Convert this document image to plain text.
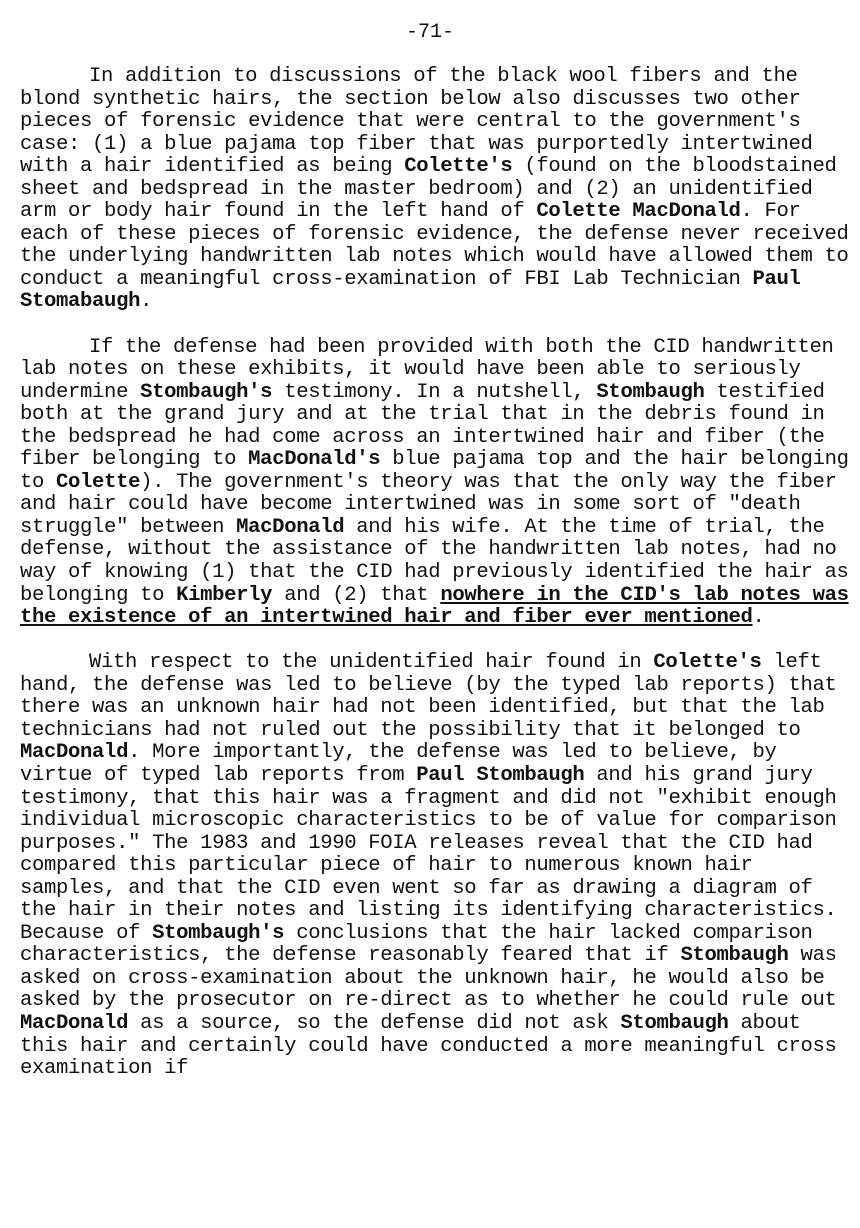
-71-

In addition to discussions of the black wool fibers and the blond synthetic hairs, the section below also discusses two other pieces of forensic evidence that were central to the government's case: (1) a blue pajama top fiber that was purportedly intertwined with a hair identified as being Colette's (found on the bloodstained sheet and bedspread in the master bedroom) and (2) an unidentified arm or body hair found in the left hand of Colette MacDonald. For each of these pieces of forensic evidence, the defense never received the underlying handwritten lab notes which would have allowed them to conduct a meaningful cross-examination of FBI Lab Technician Paul Stomabaugh.

If the defense had been provided with both the CID handwritten lab notes on these exhibits, it would have been able to seriously undermine Stombaugh's testimony. In a nutshell, Stombaugh testified both at the grand jury and at the trial that in the debris found in the bedspread he had come across an intertwined hair and fiber (the fiber belonging to MacDonald's blue pajama top and the hair belonging to Colette). The government's theory was that the only way the fiber and hair could have become intertwined was in some sort of "death struggle" between MacDonald and his wife. At the time of trial, the defense, without the assistance of the handwritten lab notes, had no way of knowing (1) that the CID had previously identified the hair as belonging to Kimberly and (2) that nowhere in the CID's lab notes was the existence of an intertwined hair and fiber ever mentioned.

With respect to the unidentified hair found in Colette's left hand, the defense was led to believe (by the typed lab reports) that there was an unknown hair had not been identified, but that the lab technicians had not ruled out the possibility that it belonged to MacDonald. More importantly, the defense was led to believe, by virtue of typed lab reports from Paul Stombaugh and his grand jury testimony, that this hair was a fragment and did not "exhibit enough individual microscopic characteristics to be of value for comparison purposes." The 1983 and 1990 FOIA releases reveal that the CID had compared this particular piece of hair to numerous known hair samples, and that the CID even went so far as drawing a diagram of the hair in their notes and listing its identifying characteristics. Because of Stombaugh's conclusions that the hair lacked comparison characteristics, the defense reasonably feared that if Stombaugh was asked on cross-examination about the unknown hair, he would also be asked by the prosecutor on re-direct as to whether he could rule out MacDonald as a source, so the defense did not ask Stombaugh about this hair and certainly could have conducted a more meaningful cross examination if
